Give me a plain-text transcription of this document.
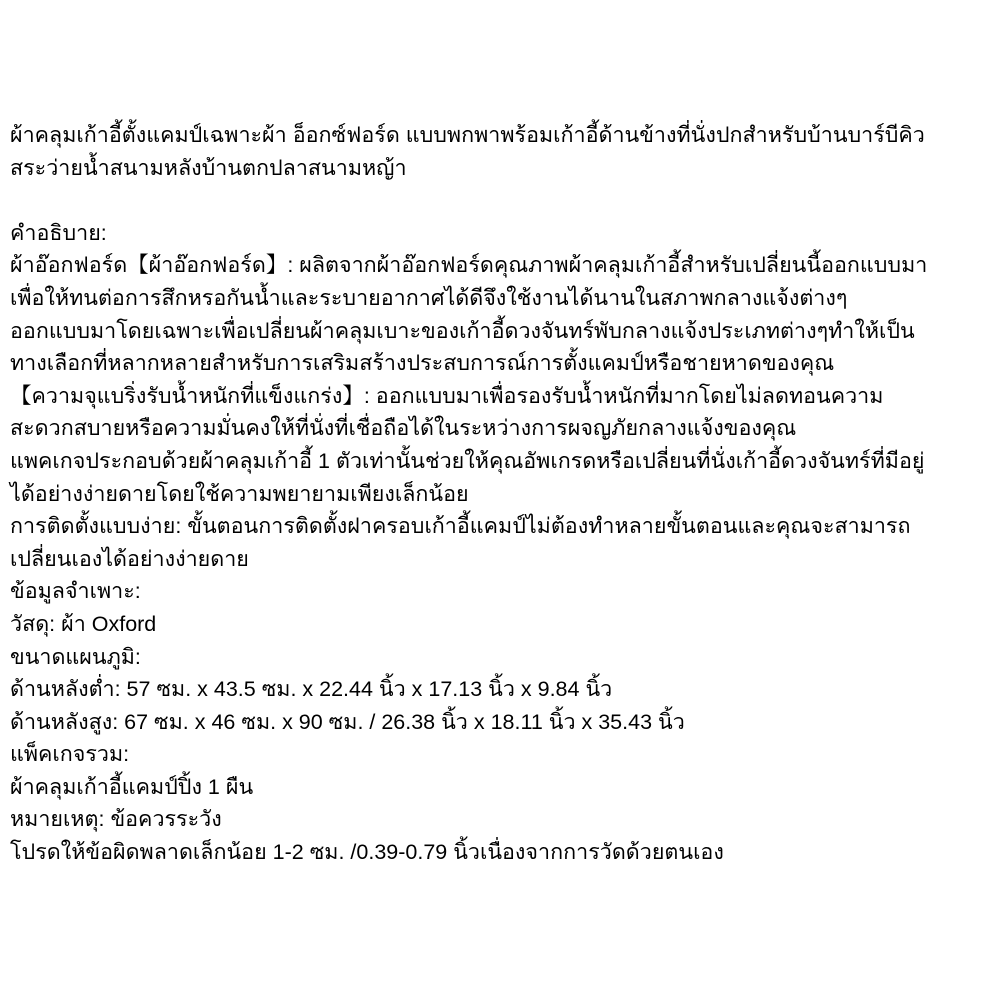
ผ้าคลุมเก้าอี้ตั้งแคมป์เฉพาะผ้า อ็อกซ์ฟอร์ด แบบพกพาพร้อมเก้าอี้ด้านข้างที่นั่งปกสำหรับบ้านบาร์บีคิว
สระว่ายน้ำสนามหลังบ้านตกปลาสนามหญ้า
คำอธิบาย:
ผ้าอ๊อกฟอร์ด【ผ้าอ๊อกฟอร์ด】: ผลิตจากผ้าอ๊อกฟอร์ดคุณภาพผ้าคลุมเก้าอี้สำหรับเปลี่ยนนี้ออกแบบมา
เพื่อให้ทนต่อการสึกหรอกันน้ำและระบายอากาศได้ดีจึงใช้งานได้นานในสภาพกลางแจ้งต่างๆ
ออกแบบมาโดยเฉพาะเพื่อเปลี่ยนผ้าคลุมเบาะของเก้าอี้ดวงจันทร์พับกลางแจ้งประเภทต่างๆทำให้เป็น
ทางเลือกที่หลากหลายสำหรับการเสริมสร้างประสบการณ์การตั้งแคมป์หรือชายหาดของคุณ
【ความจุแบริ่งรับน้ำหนักที่แข็งแกร่ง】: ออกแบบมาเพื่อรองรับน้ำหนักที่มากโดยไม่ลดทอนความ
สะดวกสบายหรือความมั่นคงให้ที่นั่งที่เชื่อถือได้ในระหว่างการผจญภัยกลางแจ้งของคุณ
แพคเกจประกอบด้วยผ้าคลุมเก้าอี้ 1 ตัวเท่านั้นช่วยให้คุณอัพเกรดหรือเปลี่ยนที่นั่งเก้าอี้ดวงจันทร์ที่มีอยู่
ได้อย่างง่ายดายโดยใช้ความพยายามเพียงเล็กน้อย
การติดตั้งแบบง่าย: ขั้นตอนการติดตั้งฝาครอบเก้าอี้แคมป์ไม่ต้องทำหลายขั้นตอนและคุณจะสามารถ
เปลี่ยนเองได้อย่างง่ายดาย
ข้อมูลจำเพาะ:
วัสดุ: ผ้า Oxford
ขนาดแผนภูมิ:
ด้านหลังต่ำ: 57 ซม. x 43.5 ซม. x 22.44 นิ้ว x 17.13 นิ้ว x 9.84 นิ้ว
ด้านหลังสูง: 67 ซม. x 46 ซม. x 90 ซม. / 26.38 นิ้ว x 18.11 นิ้ว x 35.43 นิ้ว
แพ็คเกจรวม:
ผ้าคลุมเก้าอี้แคมป์ปิ้ง 1 ผืน
หมายเหตุ: ข้อควรระวัง
โปรดให้ข้อผิดพลาดเล็กน้อย 1-2 ซม. /0.39-0.79 นิ้วเนื่องจากการวัดด้วยตนเอง
